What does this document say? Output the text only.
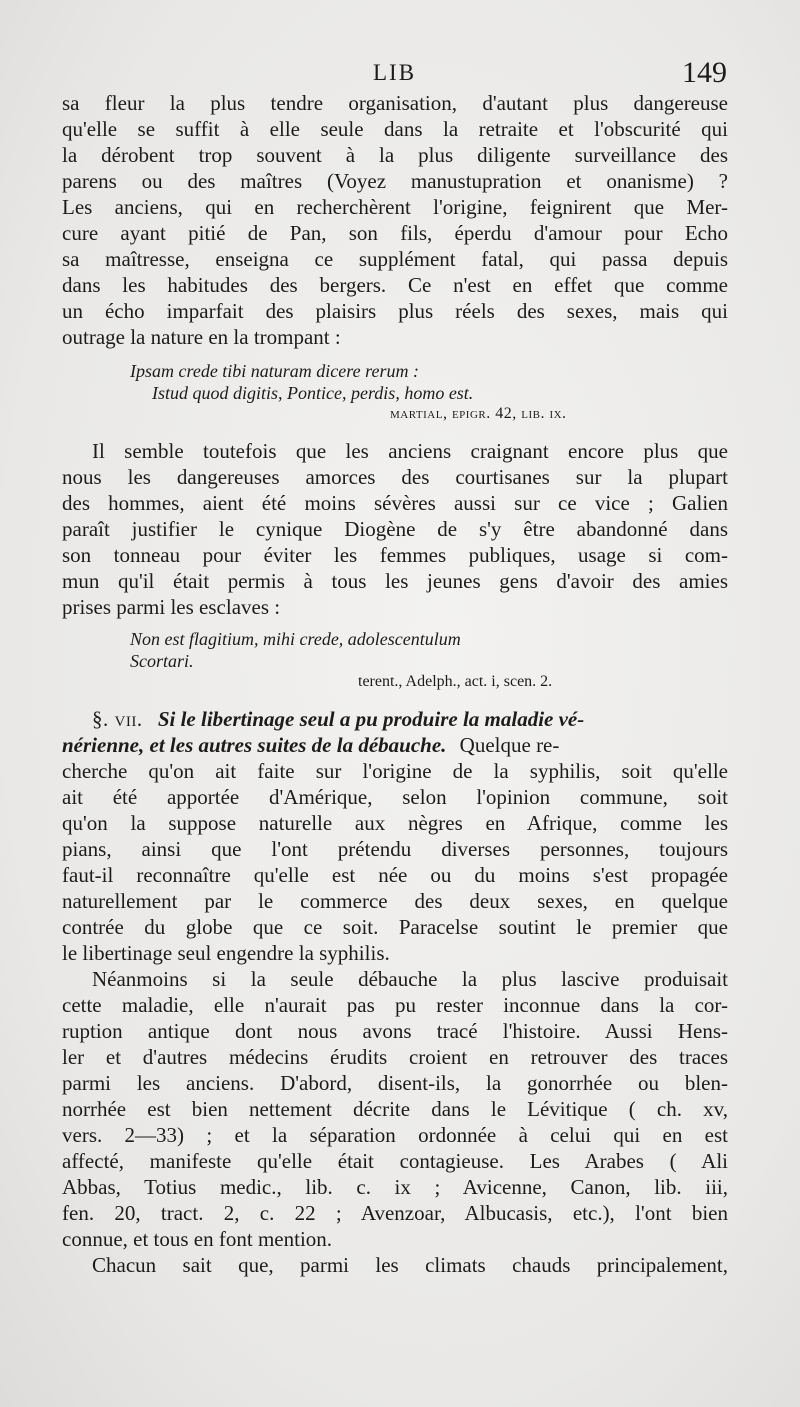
LIB	149
sa fleur la plus tendre organisation, d'autant plus dangereuse
qu'elle se suffit à elle seule dans la retraite et l'obscurité qui
la dérobent trop souvent à la plus diligente surveillance des
parens ou des maîtres (Voyez manustupration et onanisme) ?
Les anciens, qui en recherchèrent l'origine, feignirent que Mer-
cure ayant pitié de Pan, son fils, éperdu d'amour pour Echo
sa maîtresse, enseigna ce supplément fatal, qui passa depuis
dans les habitudes des bergers. Ce n'est en effet que comme
un écho imparfait des plaisirs plus réels des sexes, mais qui
outrage la nature en la trompant :
Ipsam crede tibi naturam dicere rerum :
Istud quod digitis, Pontice, perdis, homo est.
martial, epigr. 42, lib. ix.
Il semble toutefois que les anciens craignant encore plus que
nous les dangereuses amorces des courtisanes sur la plupart
des hommes, aient été moins sévères aussi sur ce vice ; Galien
paraît justifier le cynique Diogène de s'y être abandonné dans
son tonneau pour éviter les femmes publiques, usage si com-
mun qu'il était permis à tous les jeunes gens d'avoir des amies
prises parmi les esclaves :
Non est flagitium, mihi crede, adolescentulum
Scortari.
terent., Adelph., act. i, scen. 2.
§. vii. Si le libertinage seul a pu produire la maladie vé-
nérienne, et les autres suites de la débauche. Quelque re-
cherche qu'on ait faite sur l'origine de la syphilis, soit qu'elle
ait été apportée d'Amérique, selon l'opinion commune, soit
qu'on la suppose naturelle aux nègres en Afrique, comme les
pians, ainsi que l'ont prétendu diverses personnes, toujours
faut-il reconnaître qu'elle est née ou du moins s'est propagée
naturellement par le commerce des deux sexes, en quelque
contrée du globe que ce soit. Paracelse soutint le premier que
le libertinage seul engendre la syphilis.
Néanmoins si la seule débauche la plus lascive produisait
cette maladie, elle n'aurait pas pu rester inconnue dans la cor-
ruption antique dont nous avons tracé l'histoire. Aussi Hens-
ler et d'autres médecins érudits croient en retrouver des traces
parmi les anciens. D'abord, disent-ils, la gonorrhée ou blen-
norrhée est bien nettement décrite dans le Lévitique ( ch. xv,
vers. 2—33) ; et la séparation ordonnée à celui qui en est
affecté, manifeste qu'elle était contagieuse. Les Arabes ( Ali
Abbas, Totius medic., lib. c. ix ; Avicenne, Canon, lib. iii,
fen. 20, tract. 2, c. 22 ; Avenzoar, Albucasis, etc.), l'ont bien
connue, et tous en font mention.
Chacun sait que, parmi les climats chauds principalement,
